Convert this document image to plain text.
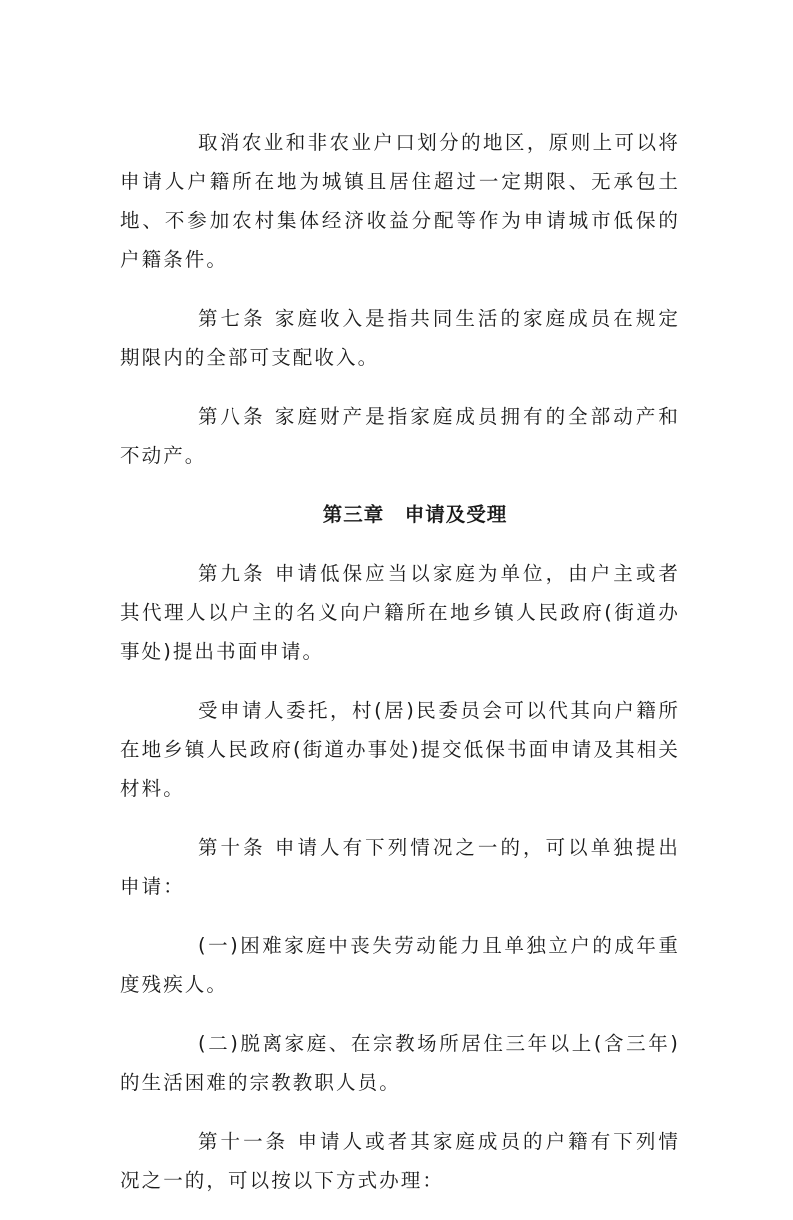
取消农业和非农业户口划分的地区，原则上可以将申请人户籍所在地为城镇且居住超过一定期限、无承包土地、不参加农村集体经济收益分配等作为申请城市低保的户籍条件。

第七条 家庭收入是指共同生活的家庭成员在规定期限内的全部可支配收入。

第八条 家庭财产是指家庭成员拥有的全部动产和不动产。

第三章　申请及受理

第九条 申请低保应当以家庭为单位，由户主或者其代理人以户主的名义向户籍所在地乡镇人民政府(街道办事处)提出书面申请。

受申请人委托，村(居)民委员会可以代其向户籍所在地乡镇人民政府(街道办事处)提交低保书面申请及其相关材料。

第十条 申请人有下列情况之一的，可以单独提出申请：

(一)困难家庭中丧失劳动能力且单独立户的成年重度残疾人。

(二)脱离家庭、在宗教场所居住三年以上(含三年)的生活困难的宗教教职人员。

第十一条 申请人或者其家庭成员的户籍有下列情况之一的，可以按以下方式办理：
